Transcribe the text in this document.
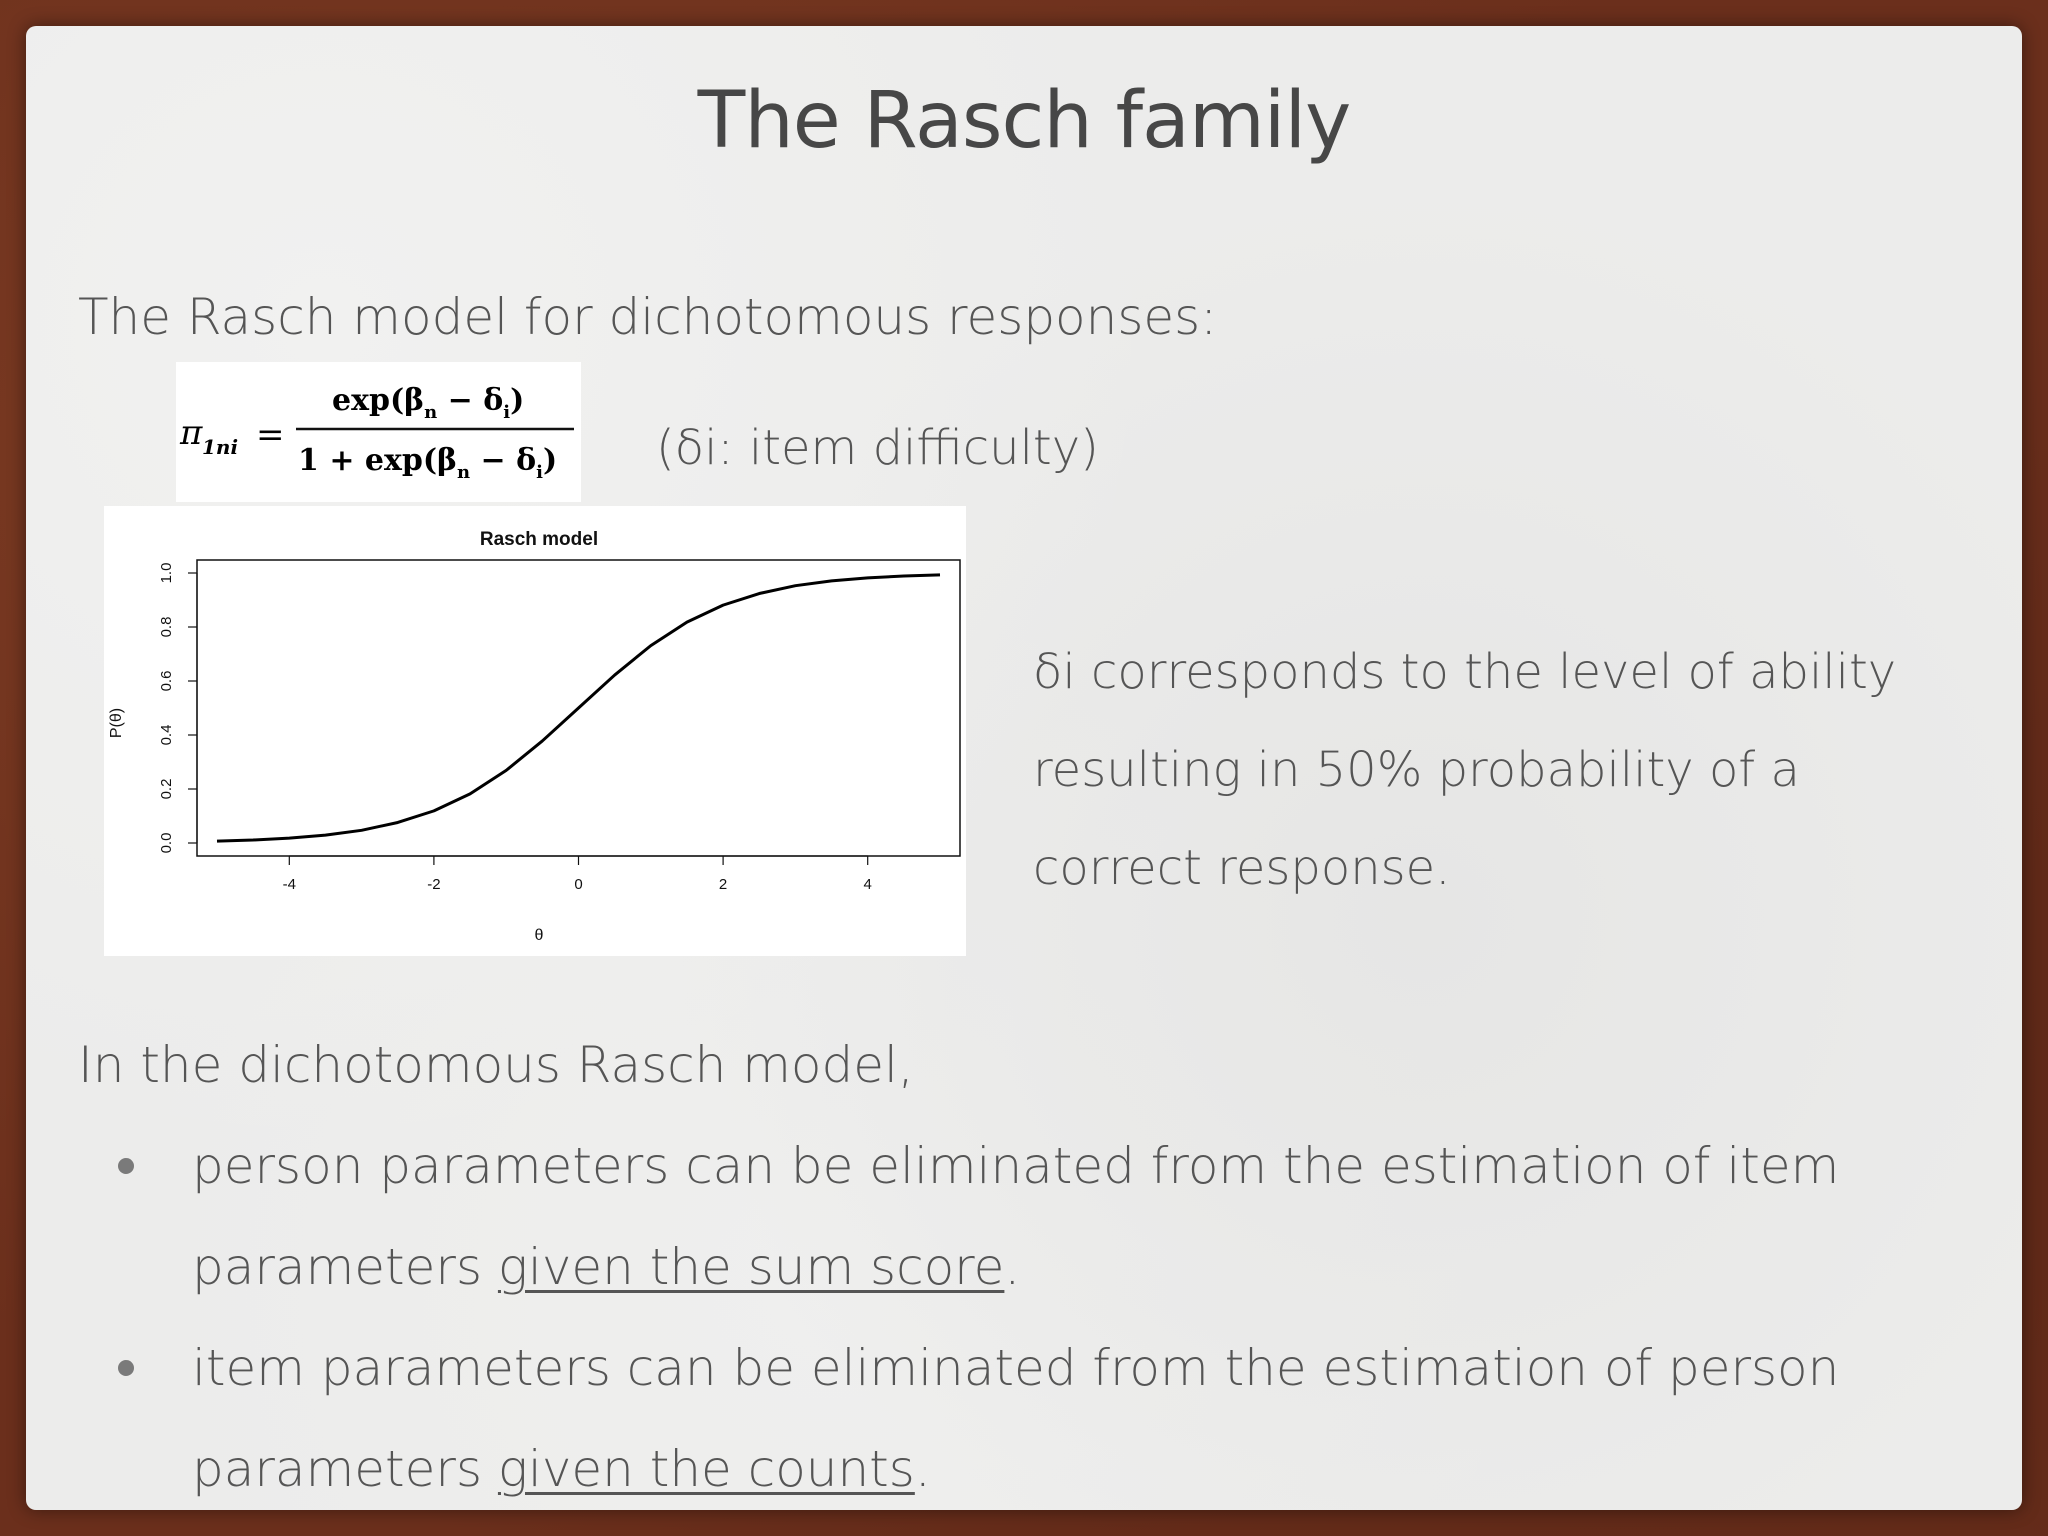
The Rasch family
The Rasch model for dichotomous responses:
π 1ni =
$\exp(\beta_n - \delta_i)$
$1 + \exp(\beta_n - \delta_i)$ (δi: item difficulty)
Rasch model
-4	-2	0	2	4
0.0
0.2
0.4
0.6
0.8
1.0
θ
P(θ)
δi corresponds to the level of ability
resulting in 50% probability of a
correct response.
In the dichotomous Rasch model,
person parameters can be eliminated from the estimation of item
parameters given the sum score.
item parameters can be eliminated from the estimation of person
parameters given the counts.
